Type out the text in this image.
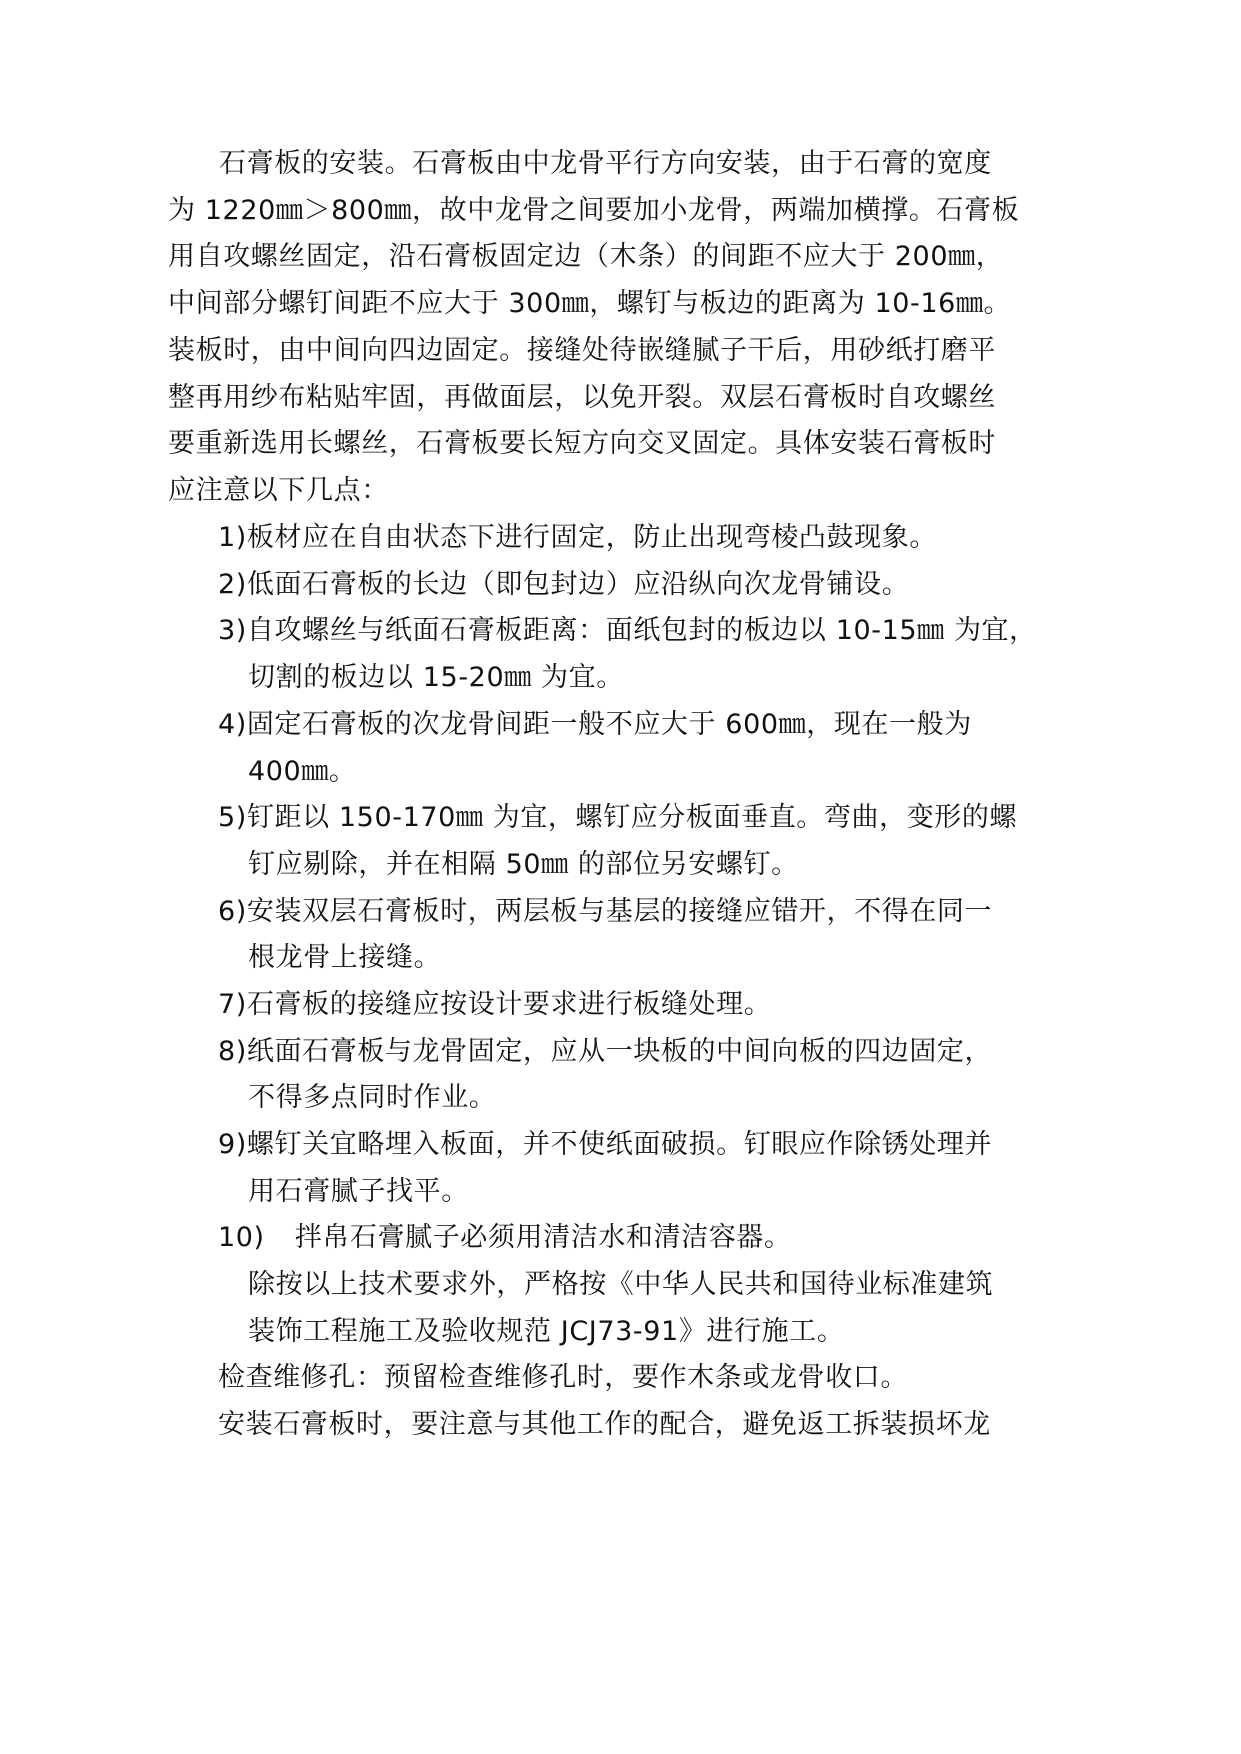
石膏板的安装。石膏板由中龙骨平行方向安装，由于石膏的宽度
为 1220㎜＞800㎜，故中龙骨之间要加小龙骨，两端加横撑。石膏板
用自攻螺丝固定，沿石膏板固定边（木条）的间距不应大于 200㎜，
中间部分螺钉间距不应大于 300㎜，螺钉与板边的距离为 10-16㎜。
装板时，由中间向四边固定。接缝处待嵌缝腻子干后，用砂纸打磨平
整再用纱布粘贴牢固，再做面层，以免开裂。双层石膏板时自攻螺丝
要重新选用长螺丝，石膏板要长短方向交叉固定。具体安装石膏板时
应注意以下几点：
1)板材应在自由状态下进行固定，防止出现弯棱凸鼓现象。
2)低面石膏板的长边（即包封边）应沿纵向次龙骨铺设。
3)自攻螺丝与纸面石膏板距离：面纸包封的板边以 10-15㎜ 为宜，
切割的板边以 15-20㎜ 为宜。
4)固定石膏板的次龙骨间距一般不应大于 600㎜，现在一般为
400㎜。
5)钉距以 150-170㎜ 为宜，螺钉应分板面垂直。弯曲，变形的螺
钉应剔除，并在相隔 50㎜ 的部位另安螺钉。
6)安装双层石膏板时，两层板与基层的接缝应错开，不得在同一
根龙骨上接缝。
7)石膏板的接缝应按设计要求进行板缝处理。
8)纸面石膏板与龙骨固定，应从一块板的中间向板的四边固定，
不得多点同时作业。
9)螺钉关宜略埋入板面，并不使纸面破损。钉眼应作除锈处理并
用石膏腻子找平。
10) 拌帛石膏腻子必须用清洁水和清洁容器。
除按以上技术要求外，严格按《中华人民共和国待业标准建筑
装饰工程施工及验收规范 JCJ73-91》进行施工。
检查维修孔：预留检查维修孔时，要作木条或龙骨收口。
安装石膏板时，要注意与其他工作的配合，避免返工拆装损坏龙
